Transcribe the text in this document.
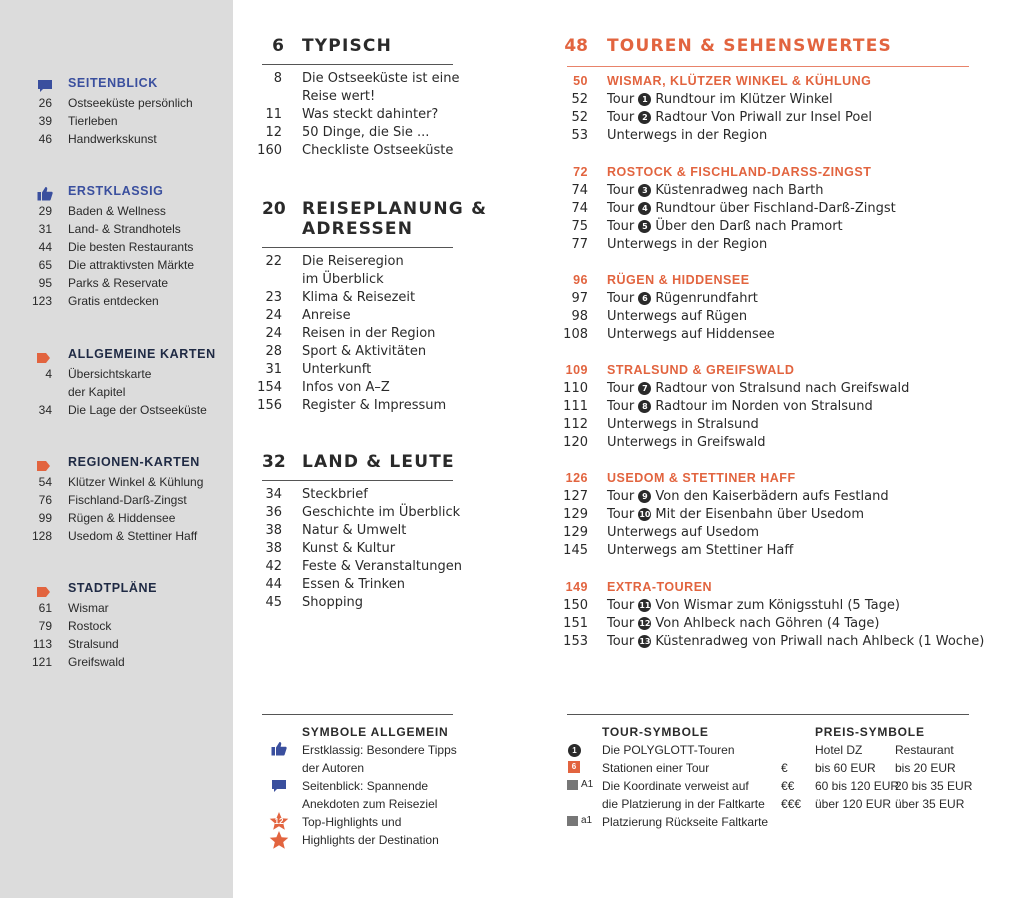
SEITENBLICK
26 Ostseeküste persönlich
39 Tierleben
46 Handwerkskunst
ERSTKLASSIG
29 Baden & Wellness
31 Land- & Strandhotels
44 Die besten Restaurants
65 Die attraktivsten Märkte
95 Parks & Reservate
123 Gratis entdecken
ALLGEMEINE KARTEN
4 Übersichtskarte
der Kapitel
34 Die Lage der Ostseeküste
REGIONEN-KARTEN
54 Klützer Winkel & Kühlung
76 Fischland-Darß-Zingst
99 Rügen & Hiddensee
128 Usedom & Stettiner Haff
STADTPLÄNE
61 Wismar
79 Rostock
113 Stralsund
121 Greifswald
6 TYPISCH
8 Die Ostseeküste ist eine
Reise wert!
11 Was steckt dahinter?
12 50 Dinge, die Sie ...
160 Checkliste Ostseeküste
20 REISEPLANUNG &
ADRESSEN
22 Die Reiseregion
im Überblick
23 Klima & Reisezeit
24 Anreise
24 Reisen in der Region
28 Sport & Aktivitäten
31 Unterkunft
154 Infos von A–Z
156 Register & Impressum
32 LAND & LEUTE
34 Steckbrief
36 Geschichte im Überblick
38 Natur & Umwelt
38 Kunst & Kultur
42 Feste & Veranstaltungen
44 Essen & Trinken
45 Shopping
48 TOUREN & SEHENSWERTES
50 WISMAR, KLÜTZER WINKEL & KÜHLUNG
52 Tour 1 Rundtour im Klützer Winkel
52 Tour 2 Radtour Von Priwall zur Insel Poel
53 Unterwegs in der Region
72 ROSTOCK & FISCHLAND-DARSS-ZINGST
74 Tour 3 Küstenradweg nach Barth
74 Tour 4 Rundtour über Fischland-Darß-Zingst
75 Tour 5 Über den Darß nach Pramort
77 Unterwegs in der Region
96 RÜGEN & HIDDENSEE
97 Tour 6 Rügenrundfahrt
98 Unterwegs auf Rügen
108 Unterwegs auf Hiddensee
109 STRALSUND & GREIFSWALD
110 Tour 7 Radtour von Stralsund nach Greifswald
111 Tour 8 Radtour im Norden von Stralsund
112 Unterwegs in Stralsund
120 Unterwegs in Greifswald
126 USEDOM & STETTINER HAFF
127 Tour 9 Von den Kaiserbädern aufs Festland
129 Tour 10 Mit der Eisenbahn über Usedom
129 Unterwegs auf Usedom
145 Unterwegs am Stettiner Haff
149 EXTRA-TOUREN
150 Tour 11 Von Wismar zum Königsstuhl (5 Tage)
151 Tour 12 Von Ahlbeck nach Göhren (4 Tage)
153 Tour 13 Küstenradweg von Priwall nach Ahlbeck (1 Woche)
SYMBOLE ALLGEMEIN
Erstklassig: Besondere Tipps
der Autoren
Seitenblick: Spannende
Anekdoten zum Reiseziel
Top-Highlights und
Highlights der Destination
12
TOUR-SYMBOLE
Die POLYGLOTT-Touren
Stationen einer Tour
Die Koordinate verweist auf
die Platzierung in der Faltkarte
Platzierung Rückseite Faltkarte
1
6
A1
a1
PREIS-SYMBOLE
Hotel DZ	Restaurant
€ bis 60 EUR bis 20 EUR
€€ 60 bis 120 EUR
20 bis 35 EUR
€€€ über 120 EUR über 35 EUR
